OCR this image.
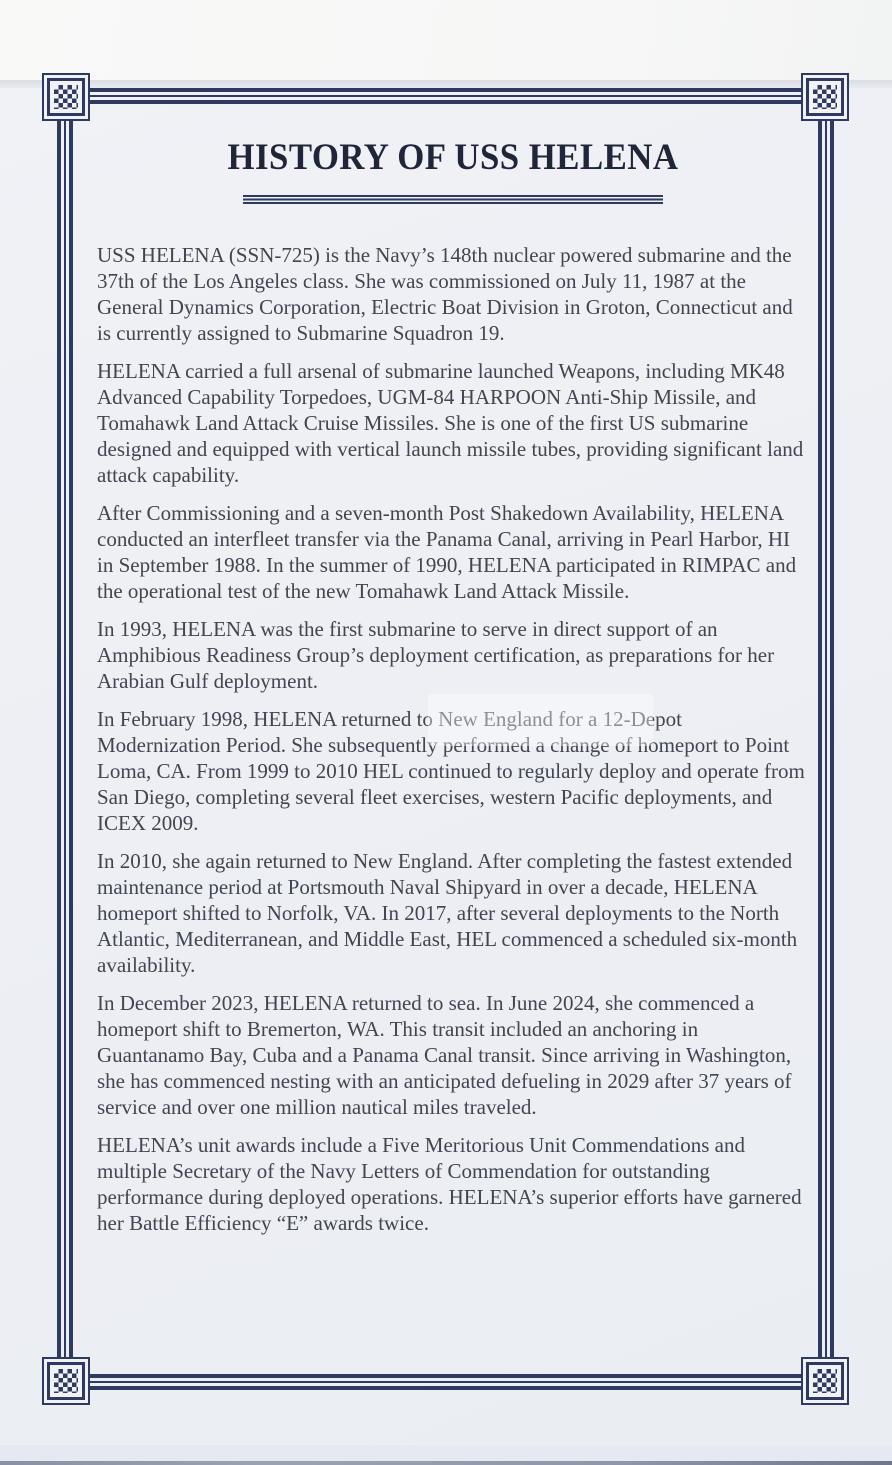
HISTORY OF USS HELENA

USS HELENA (SSN-725) is the Navy’s 148th nuclear powered submarine and the 37th of the Los Angeles class. She was commissioned on July 11, 1987 at the General Dynamics Corporation, Electric Boat Division in Groton, Connecticut and is currently assigned to Submarine Squadron 19.

HELENA carried a full arsenal of submarine launched Weapons, including MK48 Advanced Capability Torpedoes, UGM-84 HARPOON Anti-Ship Missile, and Tomahawk Land Attack Cruise Missiles. She is one of the first US submarine designed and equipped with vertical launch missile tubes, providing significant land attack capability.

After Commissioning and a seven-month Post Shakedown Availability, HELENA conducted an interfleet transfer via the Panama Canal, arriving in Pearl Harbor, HI in September 1988. In the summer of 1990, HELENA participated in RIMPAC and the operational test of the new Tomahawk Land Attack Missile.

In 1993, HELENA was the first submarine to serve in direct support of an Amphibious Readiness Group’s deployment certification, as preparations for her Arabian Gulf deployment.

In February 1998, HELENA returned to New England for a 12-Depot Modernization Period. She subsequently performed a change of homeport to Point Loma, CA. From 1999 to 2010 HEL continued to regularly deploy and operate from San Diego, completing several fleet exercises, western Pacific deployments, and ICEX 2009.

In 2010, she again returned to New England. After completing the fastest extended maintenance period at Portsmouth Naval Shipyard in over a decade, HELENA homeport shifted to Norfolk, VA. In 2017, after several deployments to the North Atlantic, Mediterranean, and Middle East, HEL commenced a scheduled six-month availability.

In December 2023, HELENA returned to sea. In June 2024, she commenced a homeport shift to Bremerton, WA. This transit included an anchoring in Guantanamo Bay, Cuba and a Panama Canal transit. Since arriving in Washington, she has commenced nesting with an anticipated defueling in 2029 after 37 years of service and over one million nautical miles traveled.

HELENA’s unit awards include a Five Meritorious Unit Commendations and multiple Secretary of the Navy Letters of Commendation for outstanding performance during deployed operations. HELENA’s superior efforts have garnered her Battle Efficiency “E” awards twice.
